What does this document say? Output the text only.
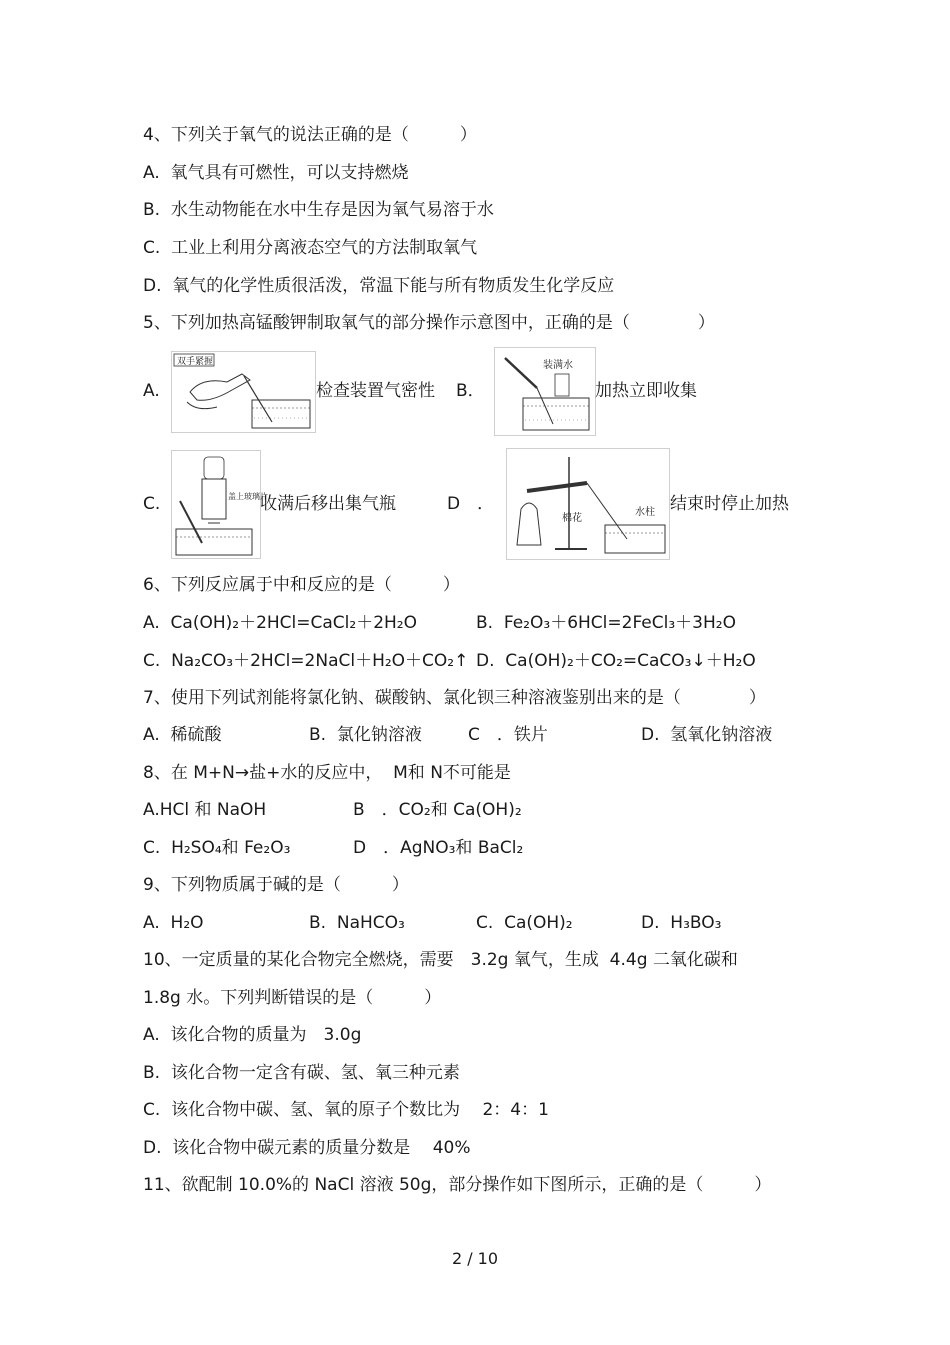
4、下列关于氧气的说法正确的是（　　　）
A.  氧气具有可燃性，可以支持燃烧
B.  水生动物能在水中生存是因为氧气易溶于水
C.  工业上利用分离液态空气的方法制取氧气
D.  氧气的化学性质很活泼，常温下能与所有物质发生化学反应
5、下列加热高锰酸钾制取氧气的部分操作示意图中，正确的是（　　　　）
A.
双手紧握
检查装置气密性 B．
装满水
加热立即收集
C.	盖上玻璃片
收满后移出集气瓶	D　．
棉花
水柱 结束时停止加热
6、下列反应属于中和反应的是（　　　）
A.  Ca(OH)₂＋2HCl=CaCl₂＋2H₂O	B.  Fe₂O₃＋6HCl=2FeCl₃＋3H₂O
C.  Na₂CO₃＋2HCl=2NaCl＋H₂O＋CO₂↑ D.  Ca(OH)₂＋CO₂=CaCO₃↓＋H₂O
7、使用下列试剂能将氯化钠、碳酸钠、氯化钡三种溶液鉴别出来的是（　　　　）
A.  稀硫酸	B.  氯化钠溶液	C　．铁片	D.  氢氧化钠溶液
8、在 M+N→盐+水的反应中，  M和 N不可能是
A.HCl 和 NaOH	B　．CO₂和 Ca(OH)₂
C.  H₂SO₄和 Fe₂O₃	D　．AgNO₃和 BaCl₂
9、下列物质属于碱的是（　　　）
A.  H₂O	B.  NaHCO₃	C.  Ca(OH)₂	D.  H₃BO₃
10、一定质量的某化合物完全燃烧，需要　3.2g 氧气，生成  4.4g 二氧化碳和
1.8g 水。下列判断错误的是（　　　）
A.  该化合物的质量为　3.0g
B.  该化合物一定含有碳、氢、氧三种元素
C.  该化合物中碳、氢、氧的原子个数比为　 2：4：1
D.  该化合物中碳元素的质量分数是　 40%
11、欲配制 10.0%的 NaCl 溶液 50g，部分操作如下图所示，正确的是（　　　）
2 / 10
